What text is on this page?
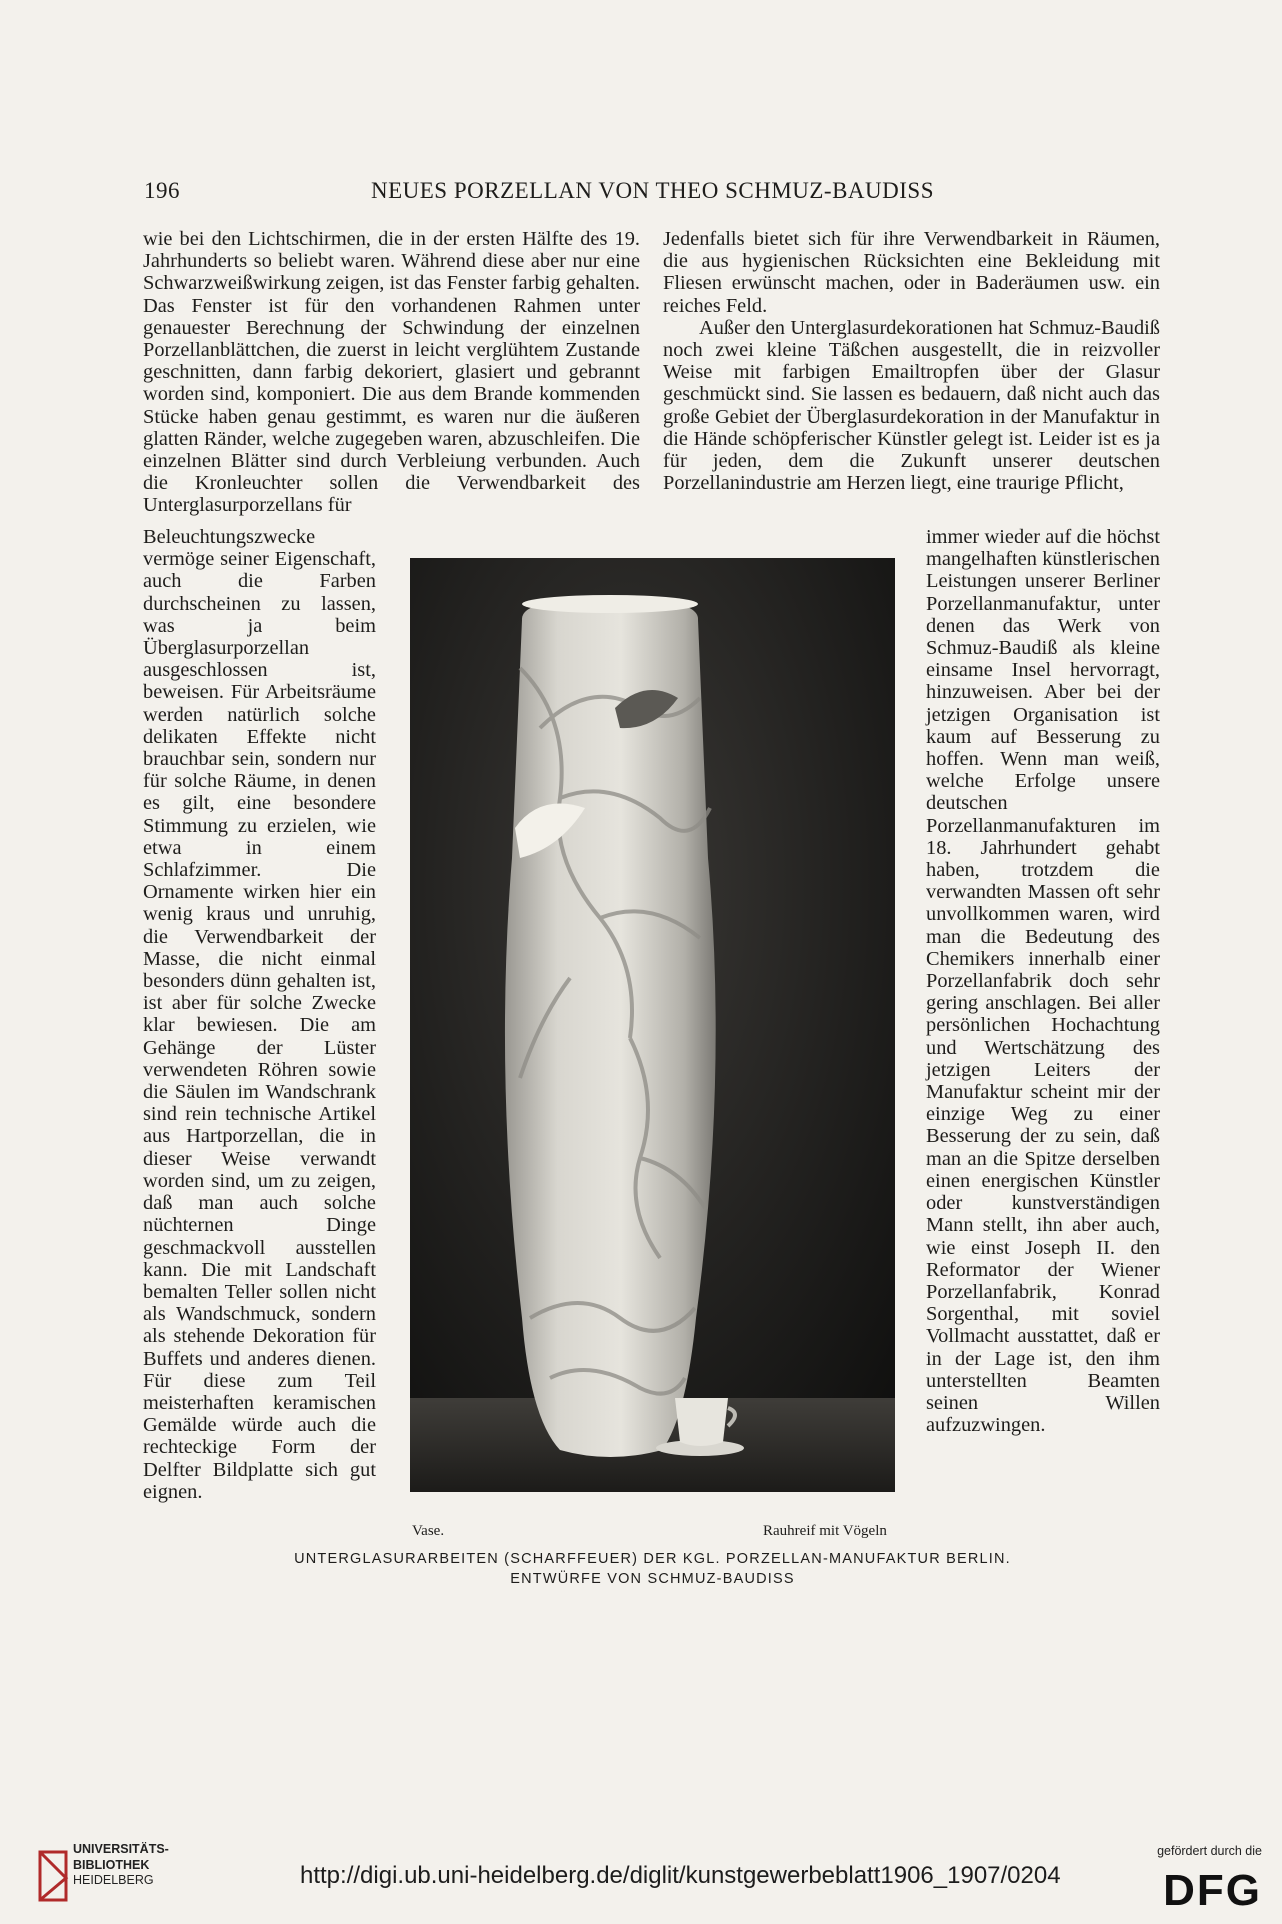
196	NEUES PORZELLAN VON THEO SCHMUZ-BAUDISS

wie bei den Lichtschirmen, die in der ersten Hälfte des 19. Jahrhunderts so beliebt waren. Während diese aber nur eine Schwarzweißwirkung zeigen, ist das Fenster farbig gehalten. Das Fenster ist für den vorhandenen Rahmen unter genauester Berechnung der Schwindung der einzelnen Porzellanblättchen, die zuerst in leicht verglühtem Zustande geschnitten, dann farbig dekoriert, glasiert und gebrannt worden sind, komponiert. Die aus dem Brande kommenden Stücke haben genau gestimmt, es waren nur die äußeren glatten Ränder, welche zugegeben waren, abzuschleifen. Die einzelnen Blätter sind durch Verbleiung verbunden. Auch die Kronleuchter sollen die Verwendbarkeit des Unterglasurporzellans für

Beleuchtungszwecke vermöge seiner Eigenschaft, auch die Farben durchscheinen zu lassen, was ja beim Überglasurporzellan ausgeschlossen ist, beweisen. Für Arbeitsräume werden natürlich solche delikaten Effekte nicht brauchbar sein, sondern nur für solche Räume, in denen es gilt, eine besondere Stimmung zu erzielen, wie etwa in einem Schlafzimmer. Die Ornamente wirken hier ein wenig kraus und unruhig, die Verwendbarkeit der Masse, die nicht einmal besonders dünn gehalten ist, ist aber für solche Zwecke klar bewiesen. Die am Gehänge der Lüster verwendeten Röhren sowie die Säulen im Wandschrank sind rein technische Artikel aus Hartporzellan, die in dieser Weise verwandt worden sind, um zu zeigen, daß man auch solche nüchternen Dinge geschmackvoll ausstellen kann. Die mit Landschaft bemalten Teller sollen nicht als Wandschmuck, sondern als stehende Dekoration für Buffets und anderes dienen. Für diese zum Teil meisterhaften keramischen Gemälde würde auch die rechteckige Form der Delfter Bildplatte sich gut eignen.

Jedenfalls bietet sich für ihre Verwendbarkeit in Räumen, die aus hygienischen Rücksichten eine Bekleidung mit Fliesen erwünscht machen, oder in Baderäumen usw. ein reiches Feld.

Außer den Unterglasurdekorationen hat Schmuz-Baudiß noch zwei kleine Täßchen ausgestellt, die in reizvoller Weise mit farbigen Emailtropfen über der Glasur geschmückt sind. Sie lassen es bedauern, daß nicht auch das große Gebiet der Überglasurdekoration in der Manufaktur in die Hände schöpferischer Künstler gelegt ist. Leider ist es ja für jeden, dem die Zukunft unserer deutschen Porzellanindustrie am Herzen liegt, eine traurige Pflicht,

immer wieder auf die höchst mangelhaften künstlerischen Leistungen unserer Berliner Porzellanmanufaktur, unter denen das Werk von Schmuz-Baudiß als kleine einsame Insel hervorragt, hinzuweisen. Aber bei der jetzigen Organisation ist kaum auf Besserung zu hoffen. Wenn man weiß, welche Erfolge unsere deutschen Porzellanmanufakturen im 18. Jahrhundert gehabt haben, trotzdem die verwandten Massen oft sehr unvollkommen waren, wird man die Bedeutung des Chemikers innerhalb einer Porzellanfabrik doch sehr gering anschlagen. Bei aller persönlichen Hochachtung und Wertschätzung des jetzigen Leiters der Manufaktur scheint mir der einzige Weg zu einer Besserung der zu sein, daß man an die Spitze derselben einen energischen Künstler oder kunstverständigen Mann stellt, ihn aber auch, wie einst Joseph II. den Reformator der Wiener Porzellanfabrik, Konrad Sorgenthal, mit soviel Vollmacht ausstattet, daß er in der Lage ist, den ihm unterstellten Beamten seinen Willen aufzuzwingen.

Vase.	Rauhreif mit Vögeln
UNTERGLASURARBEITEN (SCHARFFEUER) DER KGL. PORZELLAN-MANUFAKTUR BERLIN.
ENTWÜRFE VON SCHMUZ-BAUDISS
UNIVERSITÄTS-
BIBLIOTHEK
HEIDELBERG	http://digi.ub.uni-heidelberg.de/diglit/kunstgewerbeblatt1906_1907/0204
gefördert durch die
DFG
